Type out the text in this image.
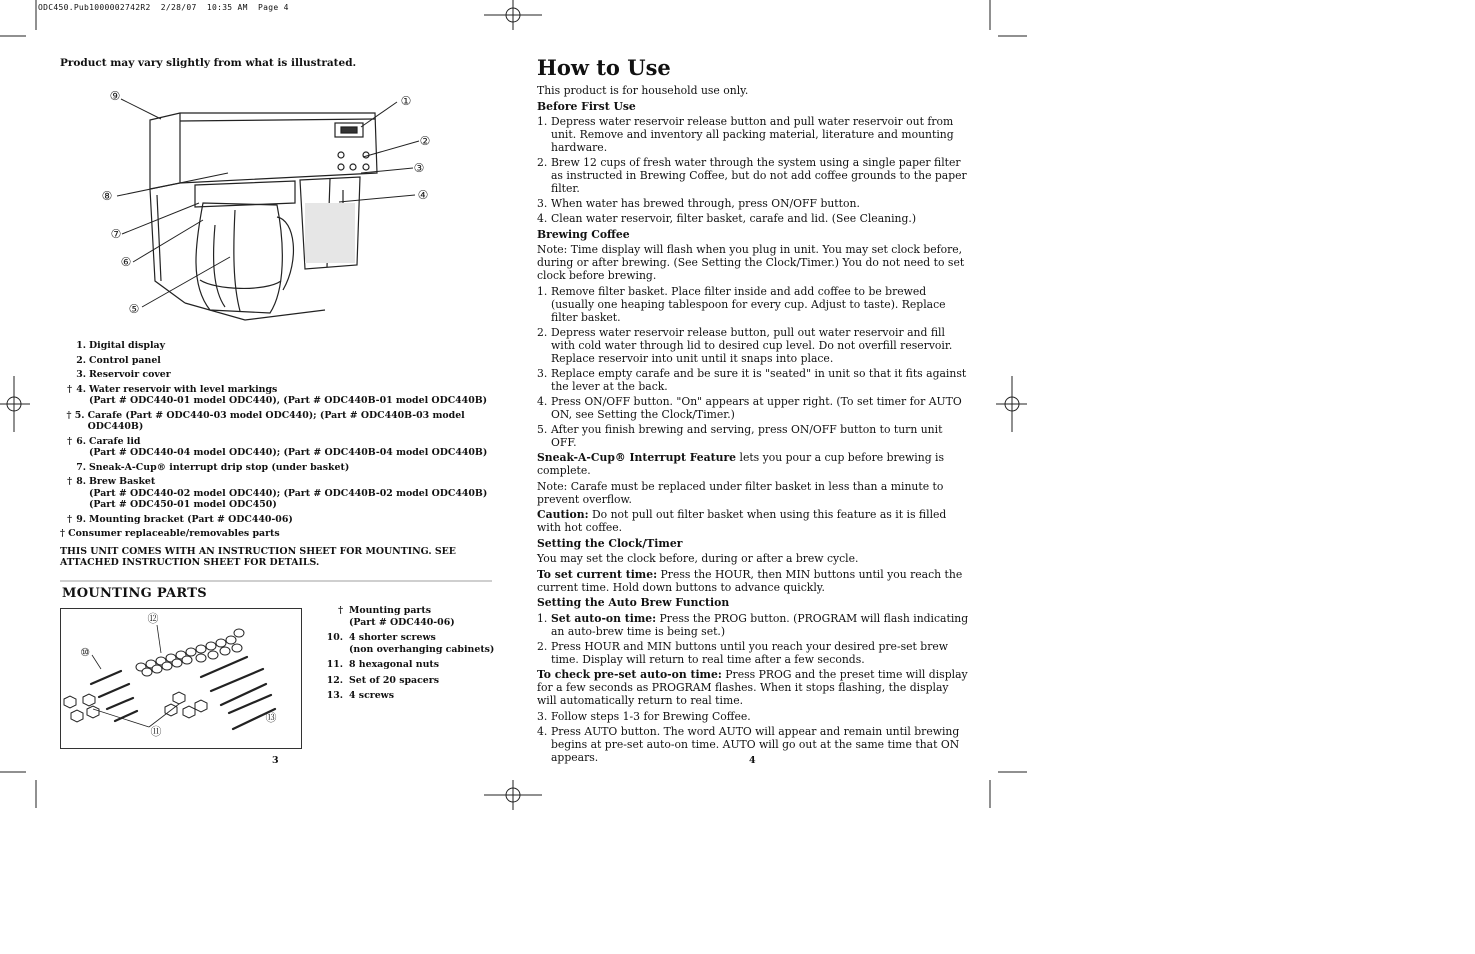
ODC450.Pub1000002742R2  2/28/07  10:35 AM  Page 4
Product may vary slightly from what is illustrated.
⑨	①
②
③
④
⑧
⑦
⑥
⑤
1. Digital display
2. Control panel
3. Reservoir cover
† 4. Water reservoir with level markings
(Part # ODC440-01 model ODC440), (Part # ODC440B-01 model ODC440B)
† 5. Carafe (Part # ODC440-03 model ODC440); (Part # ODC440B-03 model ODC440B)
† 6. Carafe lid
(Part # ODC440-04 model ODC440); (Part # ODC440B-04 model ODC440B)
7. Sneak-A-Cup® interrupt drip stop (under basket)
† 8. Brew Basket
(Part # ODC440-02 model ODC440); (Part # ODC440B-02 model ODC440B)
(Part # ODC450-01 model ODC450)
† 9. Mounting bracket (Part # ODC440-06)
† Consumer replaceable/removables parts
THIS UNIT COMES WITH AN INSTRUCTION SHEET FOR MOUNTING. SEE ATTACHED INSTRUCTION SHEET FOR DETAILS.
MOUNTING PARTS
⑫
⑩
⑪
⑬
† Mounting parts
(Part # ODC440-06)
10. 4 shorter screws
(non overhanging cabinets)
11. 8 hexagonal nuts
12. Set of 20 spacers
13. 4 screws
3
How to Use

This product is for household use only.

Before First Use
1. Depress water reservoir release button and pull water reservoir out from unit. Remove and inventory all packing material, literature and mounting hardware.
2. Brew 12 cups of fresh water through the system using a single paper filter as instructed in Brewing Coffee, but do not add coffee grounds to the paper filter.
3. When water has brewed through, press ON/OFF button.
4. Clean water reservoir, filter basket, carafe and lid. (See Cleaning.)
Brewing Coffee

Note: Time display will flash when you plug in unit. You may set clock before, during or after brewing. (See Setting the Clock/Timer.) You do not need to set clock before brewing.

1. Remove filter basket. Place filter inside and add coffee to be brewed (usually one heaping tablespoon for every cup. Adjust to taste). Replace filter basket.
2. Depress water reservoir release button, pull out water reservoir and fill with cold water through lid to desired cup level. Do not overfill reservoir. Replace reservoir into unit until it snaps into place.
3. Replace empty carafe and be sure it is "seated" in unit so that it fits against the lever at the back.
4. Press ON/OFF button. "On" appears at upper right. (To set timer for AUTO ON, see Setting the Clock/Timer.)
5. After you finish brewing and serving, press ON/OFF button to turn unit OFF.

Sneak-A-Cup® Interrupt Feature lets you pour a cup before brewing is complete.

Note: Carafe must be replaced under filter basket in less than a minute to prevent overflow.

Caution: Do not pull out filter basket when using this feature as it is filled with hot coffee.

Setting the Clock/Timer

You may set the clock before, during or after a brew cycle.

To set current time: Press the HOUR, then MIN buttons until you reach the current time. Hold down buttons to advance quickly.

Setting the Auto Brew Function
1. Set auto-on time: Press the PROG button. (PROGRAM will flash indicating an auto-brew time is being set.)
2. Press HOUR and MIN buttons until you reach your desired pre-set brew time. Display will return to real time after a few seconds.

To check pre-set auto-on time: Press PROG and the preset time will display for a few seconds as PROGRAM flashes. When it stops flashing, the display will automatically return to real time.

3. Follow steps 1-3 for Brewing Coffee.
4. Press AUTO button. The word AUTO will appear and remain until brewing begins at pre-set auto-on time. AUTO will go out at the same time that ON appears.	4
